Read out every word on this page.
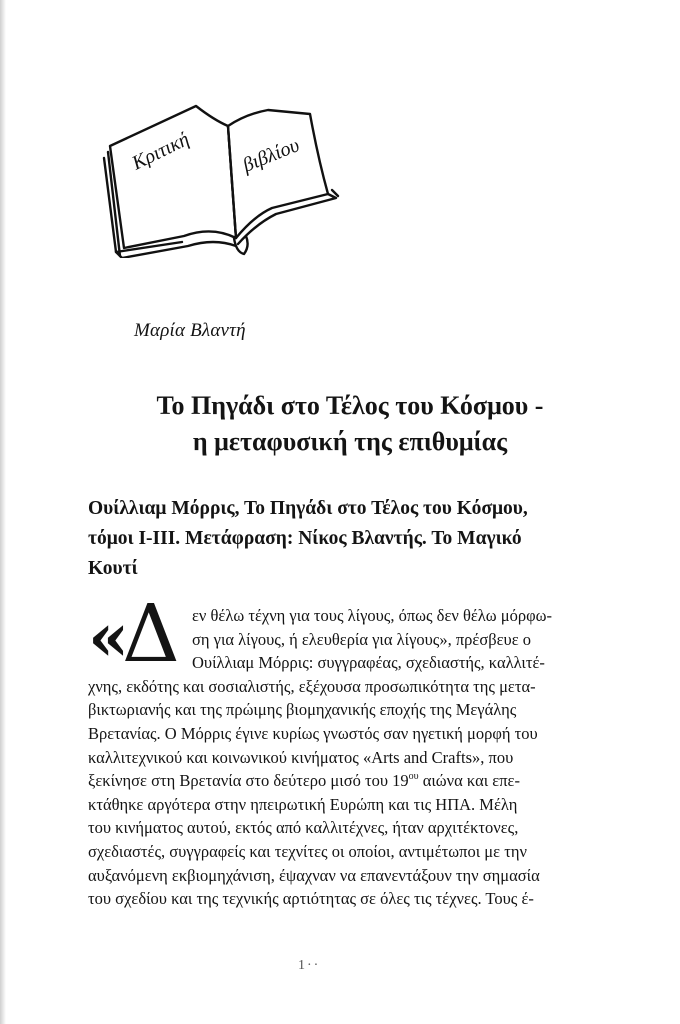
Κριτική βιβλίου
Μαρία Βλαντή
Το Πηγάδι στο Τέλος του Κόσμου -
η μεταφυσική της επιθυμίας
Ουίλλιαμ Μόρρις, Το Πηγάδι στο Τέλος του Κόσμου,
τόμοι I-III. Μετάφραση: Νίκος Βλαντής. Το Μαγικό
Κουτί
«
Δ εν θέλω τέχνη για τους λίγους, όπως δεν θέλω μόρφω-
ση για λίγους, ή ελευθερία για λίγους», πρέσβευε ο
Ουίλλιαμ Μόρρις: συγγραφέας, σχεδιαστής, καλλιτέ-
χνης, εκδότης και σοσιαλιστής, εξέχουσα προσωπικότητα της μετα-
βικτωριανής και της πρώιμης βιομηχανικής εποχής της Μεγάλης
Βρετανίας. Ο Μόρρις έγινε κυρίως γνωστός σαν ηγετική μορφή του
καλλιτεχνικού και κοινωνικού κινήματος «Arts and Crafts», που
ξεκίνησε στη Βρετανία στο δεύτερο μισό του $19^{o\upsilon}$ αιώνα και επε-
κτάθηκε αργότερα στην ηπειρωτική Ευρώπη και τις ΗΠΑ. Μέλη
του κινήματος αυτού, εκτός από καλλιτέχνες, ήταν αρχιτέκτονες,
σχεδιαστές, συγγραφείς και τεχνίτες οι οποίοι, αντιμέτωποι με την
αυξανόμενη εκβιομηχάνιση, έψαχναν να επανεντάξουν την σημασία
του σχεδίου και της τεχνικής αρτιότητας σε όλες τις τέχνες. Τους έ-
1··
